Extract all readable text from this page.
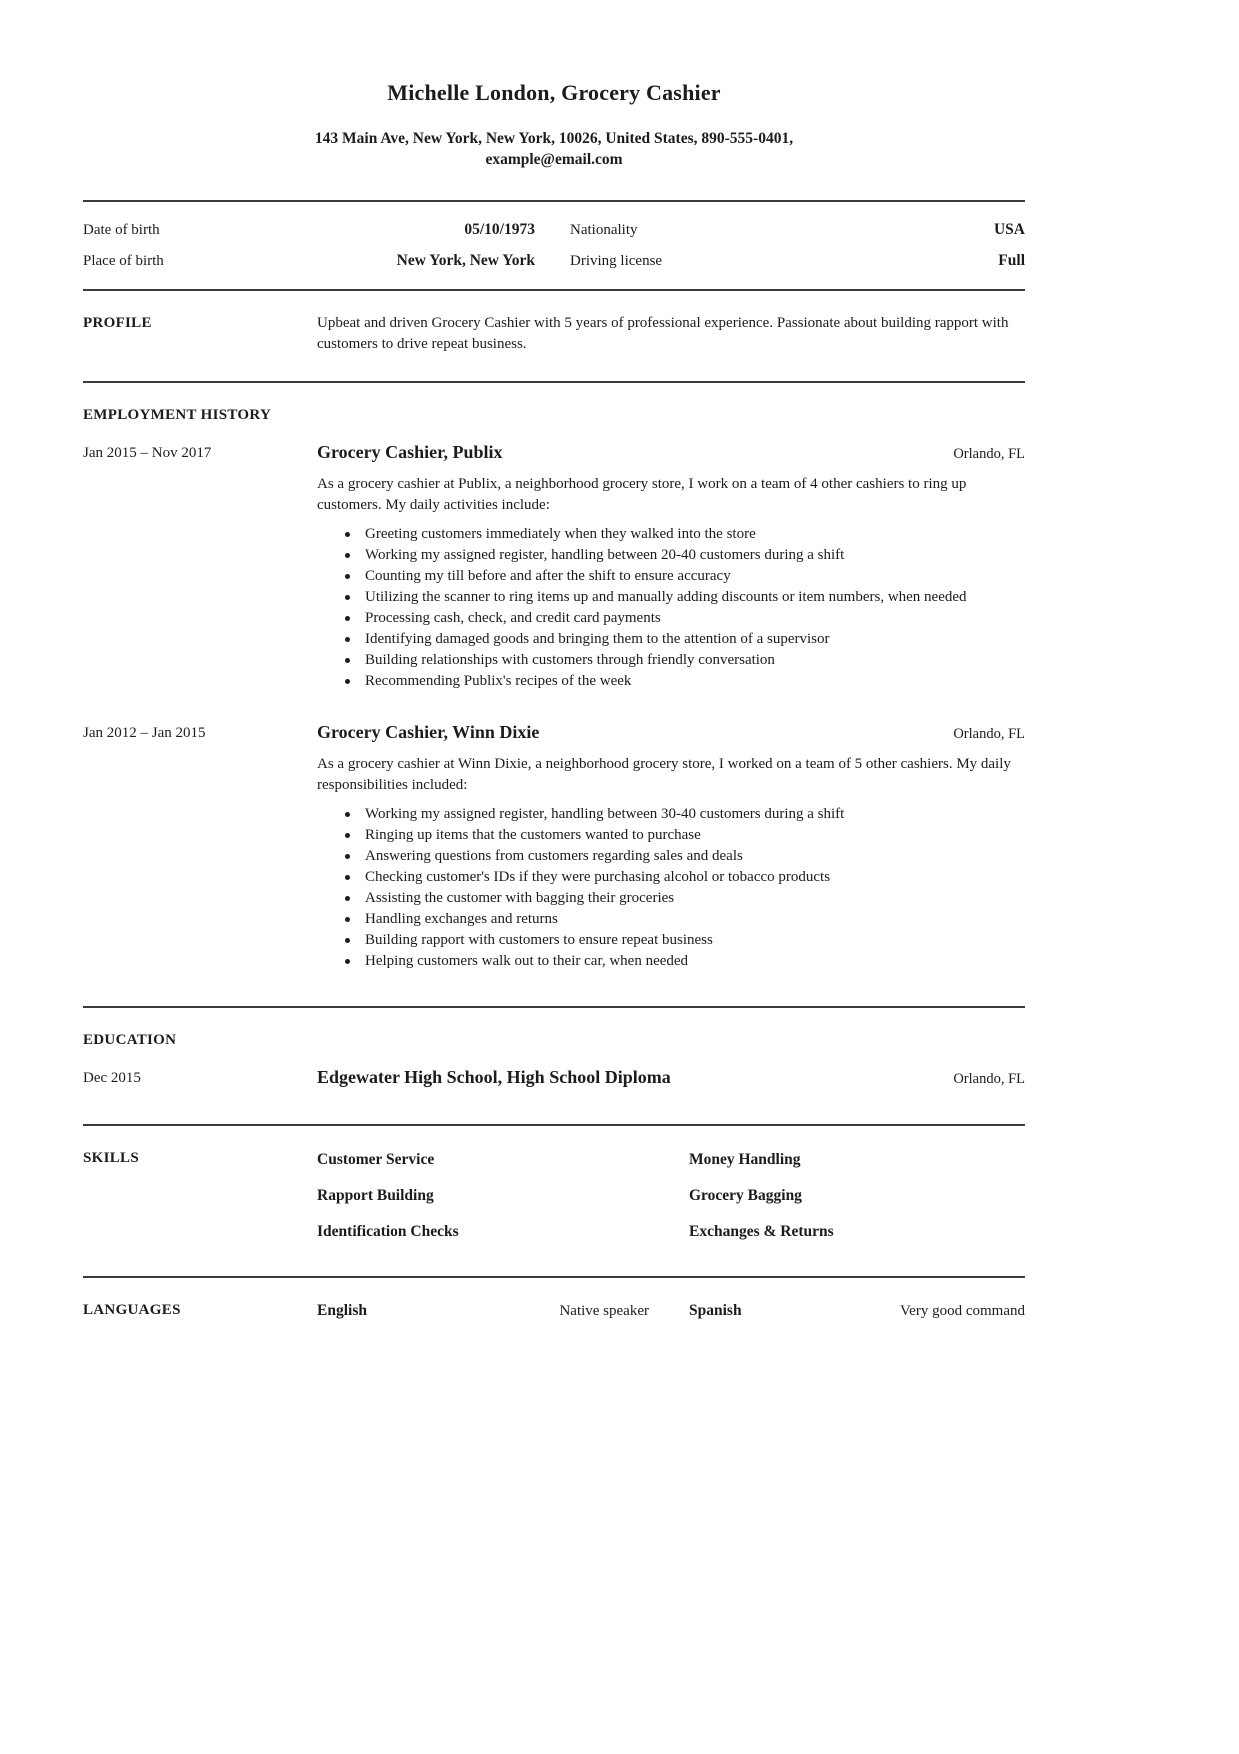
Michelle London, Grocery Cashier
143 Main Ave, New York, New York, 10026, United States, 890-555-0401,
example@email.com
Date of birth	05/10/1973	Nationality	USA
Place of birth	New York, New York	Driving license	Full
PROFILE	Upbeat and driven Grocery Cashier with 5 years of professional experience. Passionate about building rapport with customers to drive repeat business.
EMPLOYMENT HISTORY
Jan 2015 – Nov 2017	Grocery Cashier, Publix	Orlando, FL

As a grocery cashier at Publix, a neighborhood grocery store, I work on a team of 4 other cashiers to ring up customers. My daily activities include:

Greeting customers immediately when they walked into the store
Working my assigned register, handling between 20-40 customers during a shift
Counting my till before and after the shift to ensure accuracy
Utilizing the scanner to ring items up and manually adding discounts or item numbers, when needed
Processing cash, check, and credit card payments
Identifying damaged goods and bringing them to the attention of a supervisor
Building relationships with customers through friendly conversation
Recommending Publix's recipes of the week
Jan 2012 – Jan 2015	Grocery Cashier, Winn Dixie	Orlando, FL

As a grocery cashier at Winn Dixie, a neighborhood grocery store, I worked on a team of 5 other cashiers. My daily responsibilities included:

Working my assigned register, handling between 30-40 customers during a shift
Ringing up items that the customers wanted to purchase
Answering questions from customers regarding sales and deals
Checking customer's IDs if they were purchasing alcohol or tobacco products
Assisting the customer with bagging their groceries
Handling exchanges and returns
Building rapport with customers to ensure repeat business
Helping customers walk out to their car, when needed
EDUCATION
Dec 2015	Edgewater High School, High School Diploma	Orlando, FL
SKILLS	Customer Service	Money Handling
Rapport Building	Grocery Bagging
Identification Checks	Exchanges & Returns
LANGUAGES	English	Native speaker	Spanish	Very good command
